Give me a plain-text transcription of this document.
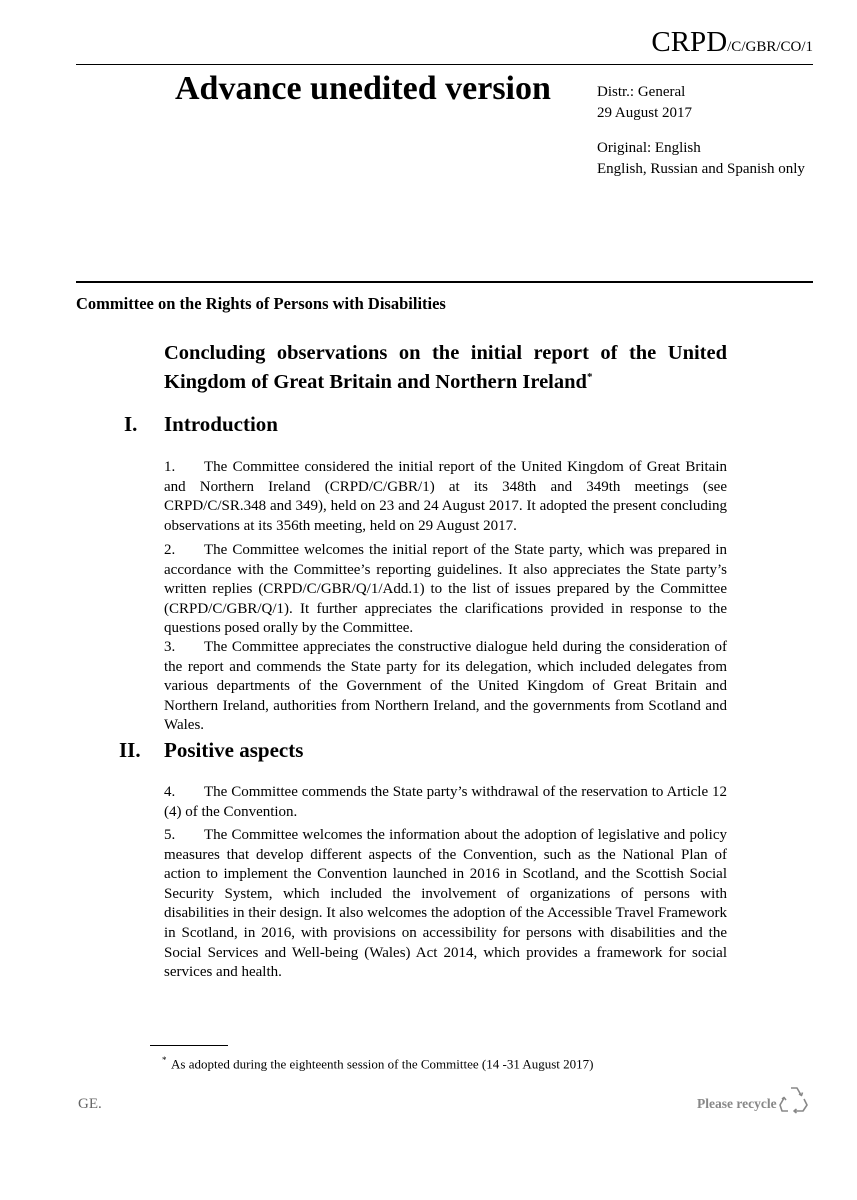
CRPD/C/GBR/CO/1
Advance unedited version	Distr.: General
29 August 2017
Original: English
English, Russian and Spanish only
Committee on the Rights of Persons with Disabilities
Concluding observations on the initial report of the United Kingdom of Great Britain and Northern Ireland*
I. Introduction
1. The Committee considered the initial report of the United Kingdom of Great Britain and Northern Ireland (CRPD/C/GBR/1) at its 348th and 349th meetings (see CRPD/C/SR.348 and 349), held on 23 and 24 August 2017. It adopted the present concluding observations at its 356th meeting, held on 29 August 2017.
2. The Committee welcomes the initial report of the State party, which was prepared in accordance with the Committee’s reporting guidelines. It also appreciates the State party’s written replies (CRPD/C/GBR/Q/1/Add.1) to the list of issues prepared by the Committee (CRPD/C/GBR/Q/1). It further appreciates the clarifications provided in response to the questions posed orally by the Committee.
3. The Committee appreciates the constructive dialogue held during the consideration of the report and commends the State party for its delegation, which included delegates from various departments of the Government of the United Kingdom of Great Britain and Northern Ireland, authorities from Northern Ireland, and the governments from Scotland and Wales.
II. Positive aspects
4. The Committee commends the State party’s withdrawal of the reservation to Article 12 (4) of the Convention.
5. The Committee welcomes the information about the adoption of legislative and policy measures that develop different aspects of the Convention, such as the National Plan of action to implement the Convention launched in 2016 in Scotland, and the Scottish Social Security System, which included the involvement of organizations of persons with disabilities in their design. It also welcomes the adoption of the Accessible Travel Framework in Scotland, in 2016, with provisions on accessibility for persons with disabilities and the Social Services and Well-being (Wales) Act 2014, which provides a framework for social services and health.
* As adopted during the eighteenth session of the Committee (14 -31 August 2017)
GE.	Please recycle
